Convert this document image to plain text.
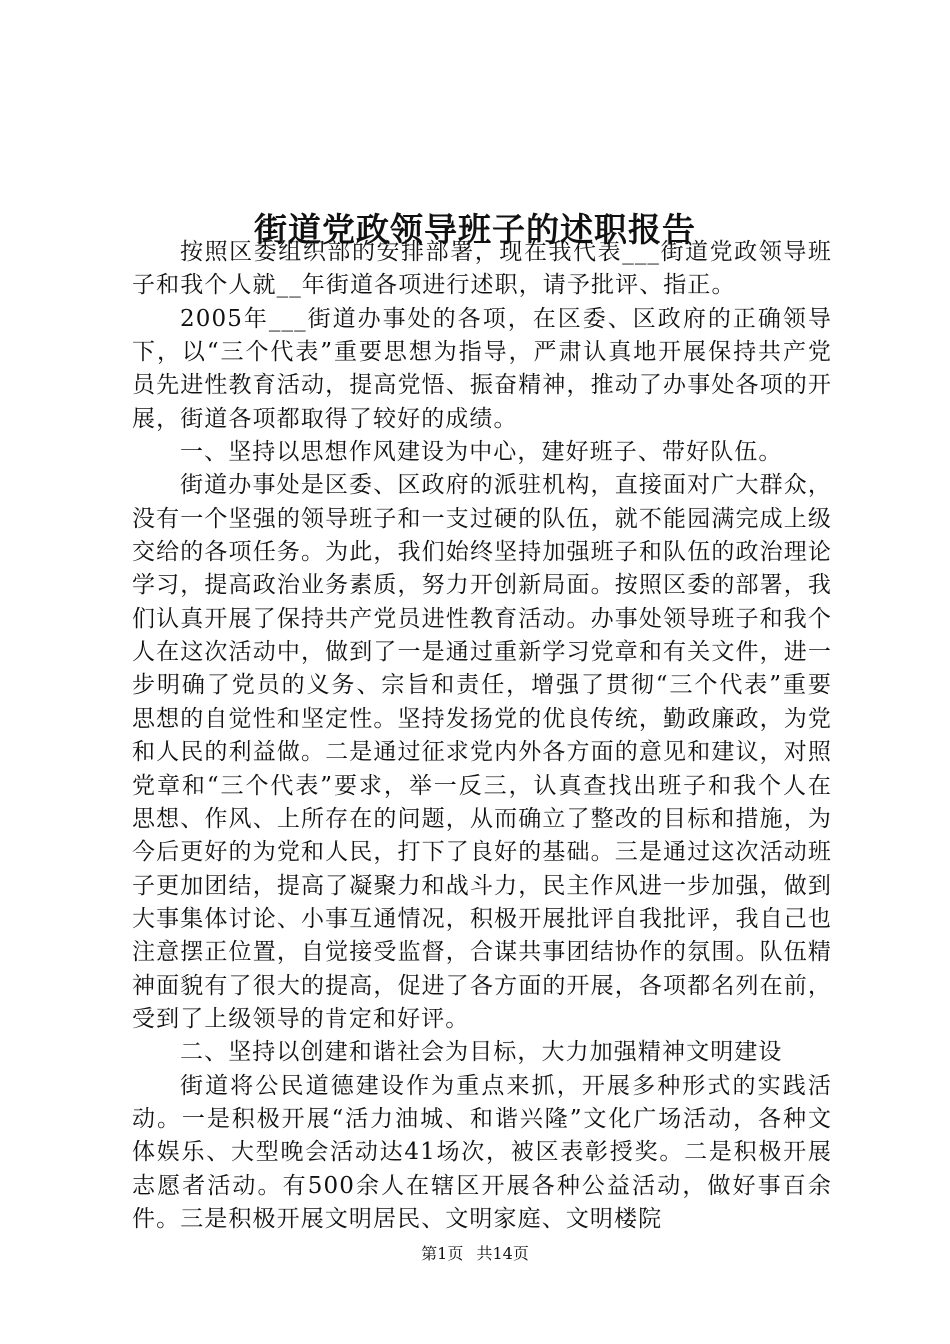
街道党政领导班子的述职报告

按照区委组织部的安排部署，现在我代表___街道党政领导班子和我个人就__年街道各项进行述职，请予批评、指正。

2005年___街道办事处的各项，在区委、区政府的正确领导下，以“三个代表”重要思想为指导，严肃认真地开展保持共产党员先进性教育活动，提高党悟、振奋精神，推动了办事处各项的开展，街道各项都取得了较好的成绩。

一、坚持以思想作风建设为中心，建好班子、带好队伍。

街道办事处是区委、区政府的派驻机构，直接面对广大群众，没有一个坚强的领导班子和一支过硬的队伍，就不能园满完成上级交给的各项任务。为此，我们始终坚持加强班子和队伍的政治理论学习，提高政治业务素质，努力开创新局面。按照区委的部署，我们认真开展了保持共产党员进性教育活动。办事处领导班子和我个人在这次活动中，做到了一是通过重新学习党章和有关文件，进一步明确了党员的义务、宗旨和责任，增强了贯彻“三个代表”重要思想的自觉性和坚定性。坚持发扬党的优良传统，勤政廉政，为党和人民的利益做。二是通过征求党内外各方面的意见和建议，对照党章和“三个代表”要求，举一反三，认真查找出班子和我个人在思想、作风、上所存在的问题，从而确立了整改的目标和措施，为今后更好的为党和人民，打下了良好的基础。三是通过这次活动班子更加团结，提高了凝聚力和战斗力，民主作风进一步加强，做到大事集体讨论、小事互通情况，积极开展批评自我批评，我自己也注意摆正位置，自觉接受监督，合谋共事团结协作的氛围。队伍精神面貌有了很大的提高，促进了各方面的开展，各项都名列在前，受到了上级领导的肯定和好评。

二、坚持以创建和谐社会为目标，大力加强精神文明建设

街道将公民道德建设作为重点来抓，开展多种形式的实践活动。一是积极开展“活力油城、和谐兴隆”文化广场活动，各种文体娱乐、大型晚会活动达41场次，被区表彰授奖。二是积极开展志愿者活动。有500余人在辖区开展各种公益活动，做好事百余件。三是积极开展文明居民、文明家庭、文明楼院

第1页 共14页
